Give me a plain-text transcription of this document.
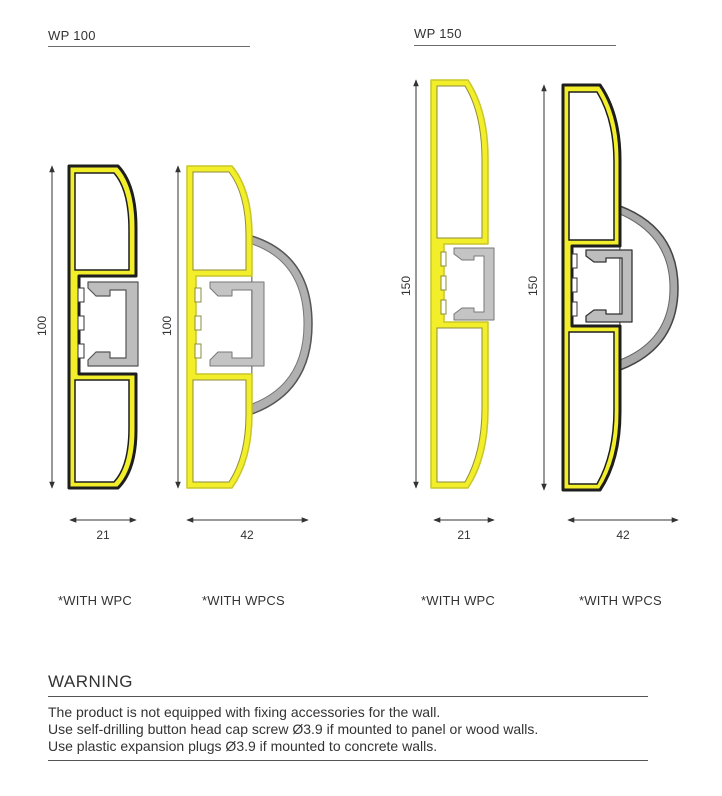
WP 100	WP 150
100	100
150	150
21	42	21	42
*WITH WPC	*WITH WPCS	*WITH WPC	*WITH WPCS
WARNING
The product is not equipped with fixing accessories for the wall.
Use self-drilling button head cap screw Ø3.9 if mounted to panel or wood walls.
Use plastic expansion plugs Ø3.9 if mounted to concrete walls.
